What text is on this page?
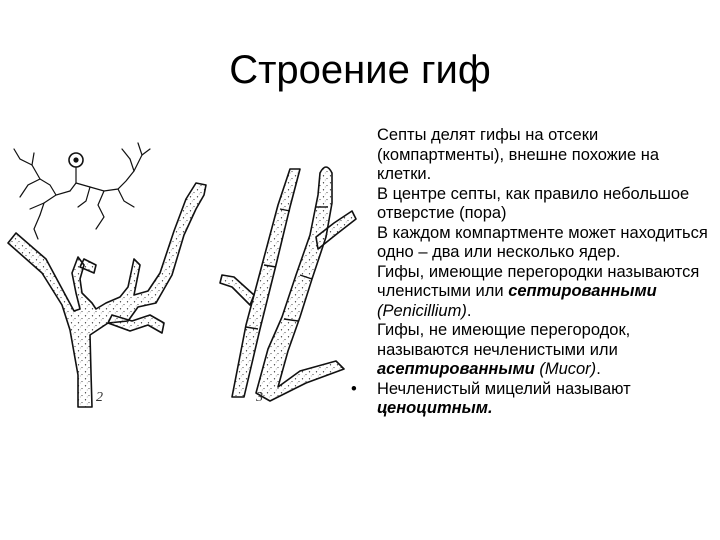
Строение гиф
2	3
Септы делят гифы на отсеки (компартменты), внешне похожие на клетки.
В центре септы, как правило небольшое отверстие (пора)
В каждом компартменте может находиться одно – два или несколько ядер.
Гифы, имеющие перегородки называются членистыми или септированными (Penicillium).
Гифы, не имеющие перегородок, называются нечленистыми или асептированными (Mucor).
• Нечленистый мицелий называют ценоцитным.
